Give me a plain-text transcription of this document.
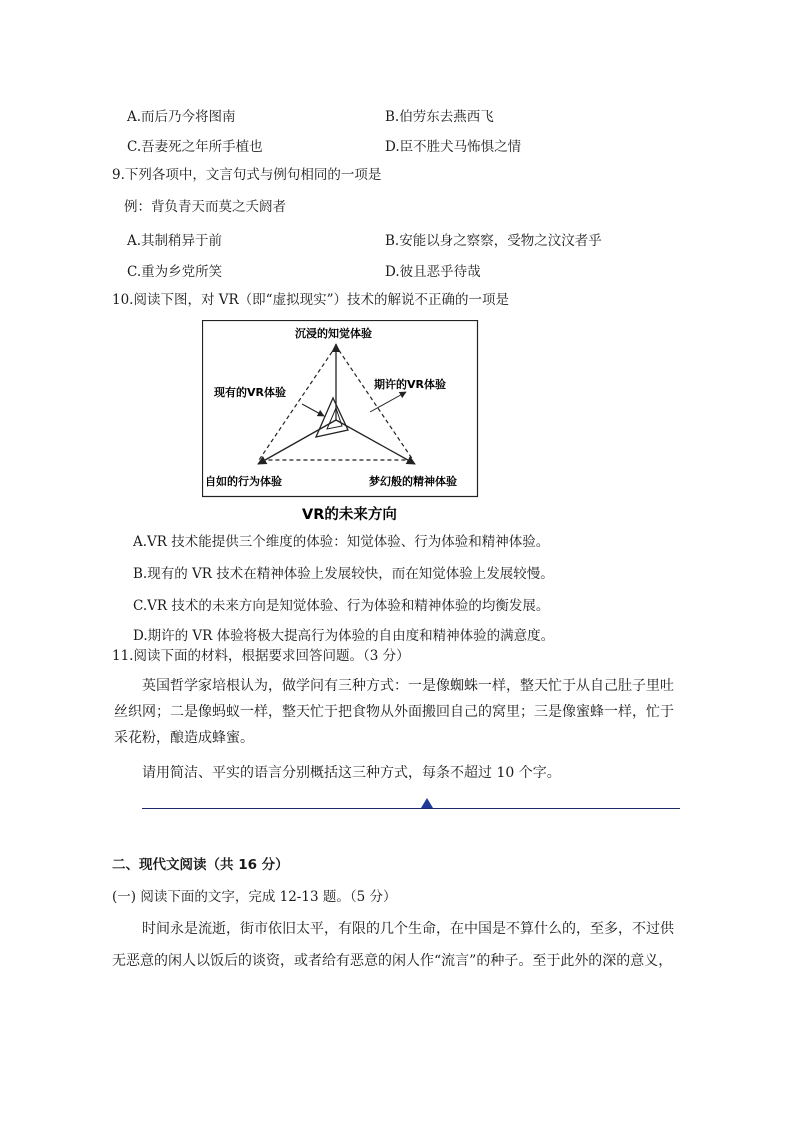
A.而后乃今将图南	B.伯劳东去燕西飞
C.吾妻死之年所手植也	D.臣不胜犬马怖惧之情
9.下列各项中，文言句式与例句相同的一项是
例：背负青天而莫之夭阏者
A.其制稍异于前	B.安能以身之察察，受物之汶汶者乎
C.重为乡党所笑	D.彼且恶乎待哉
10.阅读下图，对 VR（即“虚拟现实”）技术的解说不正确的一项是
沉浸的知觉体验
现有的VR体验
期许的VR体验
自如的行为体验	梦幻般的精神体验
VR的未来方向
A.VR 技术能提供三个维度的体验：知觉体验、行为体验和精神体验。
B.现有的 VR 技术在精神体验上发展较快，而在知觉体验上发展较慢。
C.VR 技术的未来方向是知觉体验、行为体验和精神体验的均衡发展。
D.期许的 VR 体验将极大提高行为体验的自由度和精神体验的满意度。
11.阅读下面的材料，根据要求回答问题。（3 分）
英国哲学家培根认为，做学问有三种方式：一是像蜘蛛一样，整天忙于从自己肚子里吐
丝织网；二是像蚂蚁一样，整天忙于把食物从外面搬回自己的窝里；三是像蜜蜂一样，忙于
采花粉，酿造成蜂蜜。
请用简洁、平实的语言分别概括这三种方式，每条不超过 10 个字。
二、现代文阅读（共 16 分）
(一) 阅读下面的文字，完成 12-13 题。（5 分）
时间永是流逝，街市依旧太平，有限的几个生命，在中国是不算什么的，至多，不过供
无恶意的闲人以饭后的谈资，或者给有恶意的闲人作“流言”的种子。至于此外的深的意义，
